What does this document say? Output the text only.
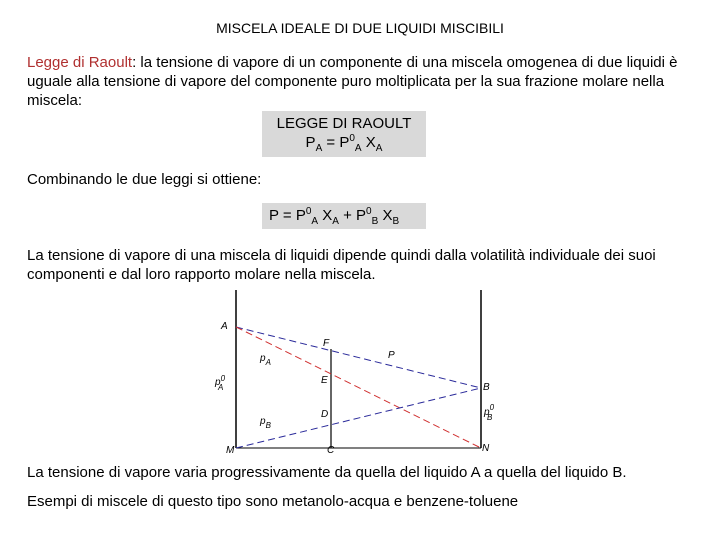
MISCELA IDEALE DI DUE LIQUIDI MISCIBILI
Legge di Raoult: la tensione di vapore di un componente di una miscela omogenea di due liquidi è uguale alla tensione di vapore del componente puro moltiplicata per la sua frazione molare nella miscela:
LEGGE DI RAOULT
$P_A = P^0_A$ $X_A$
Combinando le due leggi si ottiene:
$P = P^0_A$ $X_A + P^0_B$ $X_B$
La tensione di vapore di una miscela di liquidi dipende quindi dalla volatilità individuale dei suoi componenti e dal loro rapporto molare nella miscela.
A
F
P
$p_A$
E
B
$p^0$ A
D
$p_B$
$p^0$ B
M	C	N
La tensione di vapore varia progressivamente da quella del liquido A a quella del liquido B.
Esempi di miscele di questo tipo sono metanolo-acqua e benzene-toluene
